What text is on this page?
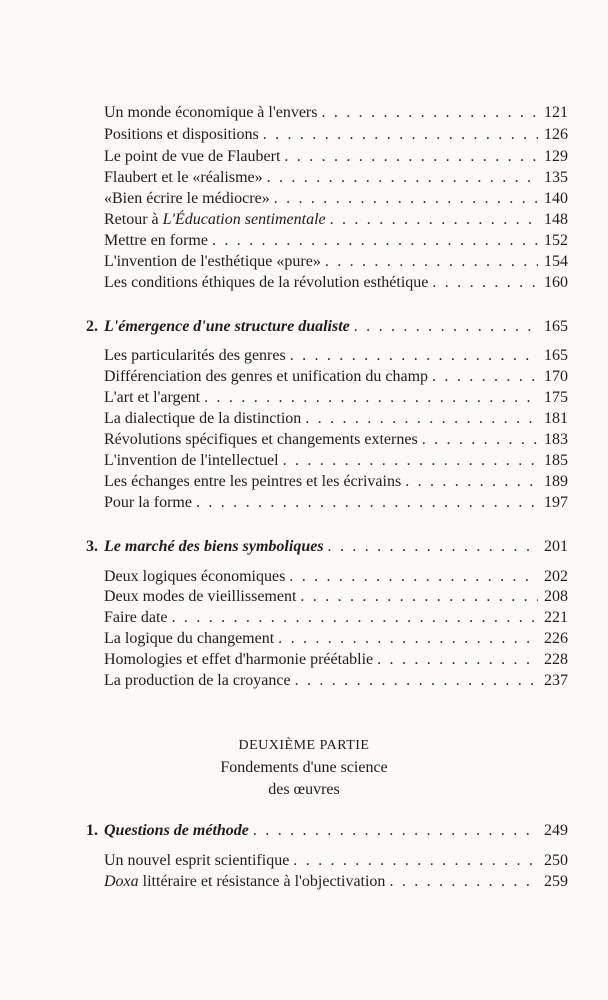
Un monde économique à l'envers . . .	121
Positions et dispositions . . .	126
Le point de vue de Flaubert . . .	129
Flaubert et le «réalisme» . . .	135
«Bien écrire le médiocre» . . .	140
Retour à L'Éducation sentimentale . . .	148
Mettre en forme . . .	152
L'invention de l'esthétique «pure» . . .	154
Les conditions éthiques de la révolution esthétique . . .	160
2. L'émergence d'une structure dualiste . . .	165
Les particularités des genres . . .	165
Différenciation des genres et unification du champ . . .	170
L'art et l'argent . . .	175
La dialectique de la distinction . . .	181
Révolutions spécifiques et changements externes . . .	183
L'invention de l'intellectuel . . .	185
Les échanges entre les peintres et les écrivains . . .	189
Pour la forme . . .	197
3. Le marché des biens symboliques . . .	201
Deux logiques économiques . . .	202
Deux modes de vieillissement . . .	208
Faire date . . .	221
La logique du changement . . .	226
Homologies et effet d'harmonie préétablie . . .	228
La production de la croyance . . .	237
DEUXIÈME PARTIE
Fondements d'une science
des œuvres
1. Questions de méthode . . .	249
Un nouvel esprit scientifique . . .	250
Doxa littéraire et résistance à l'objectivation . . .	259
